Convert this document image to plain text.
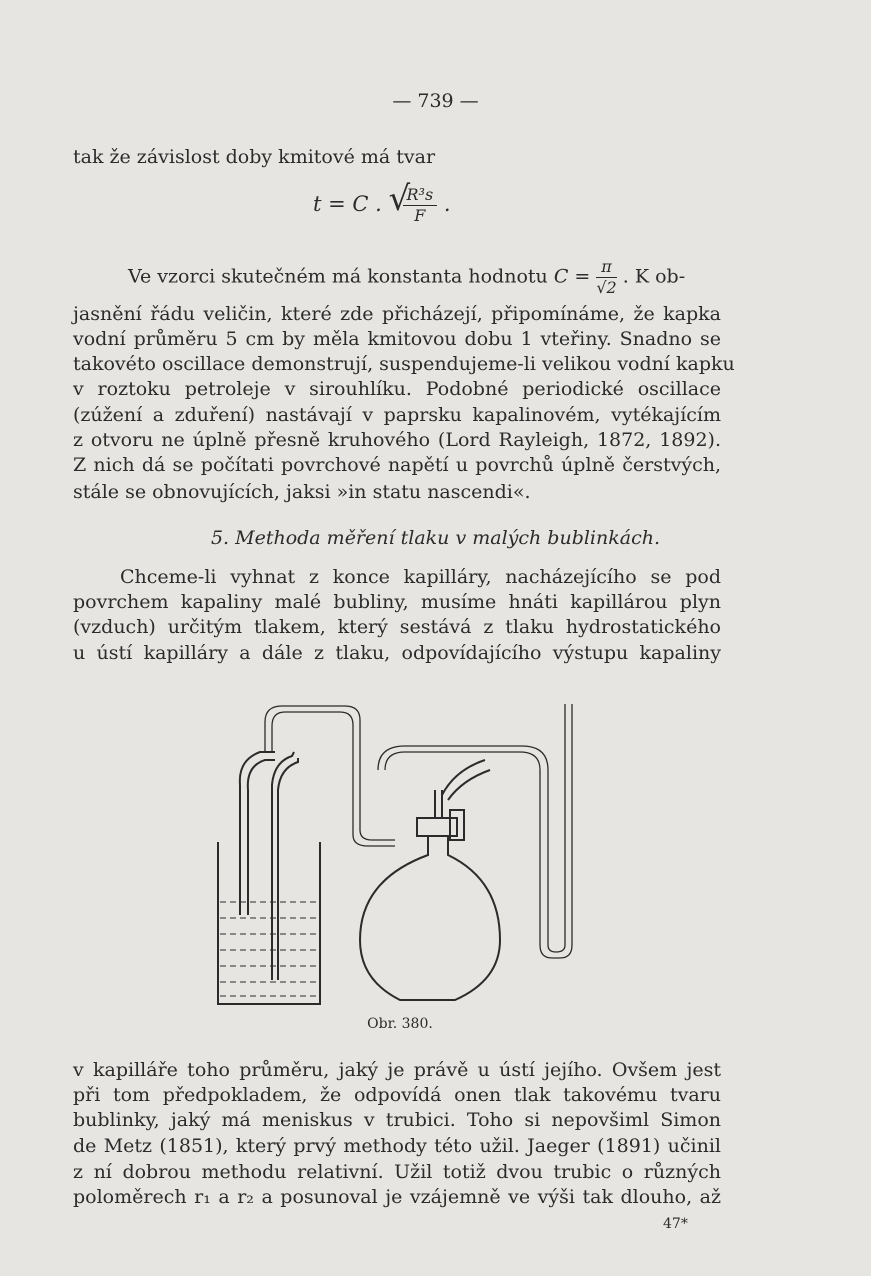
— 739 —
tak že závislost doby kmitové má tvar
t = C . √
$\frac{\text{R³s}}{F}$ .
Ve vzorci skutečném má konstanta hodnotu $C = \frac{\pi}{√2}$ . K ob-
jasnění řádu veličin, které zde přicházejí, připomínáme, že kapka
vodní průměru 5 cm by měla kmitovou dobu 1 vteřiny. Snadno se
takovéto oscillace demonstrují, suspendujeme-li velikou vodní kapku
v roztoku petroleje v sirouhlíku. Podobné periodické oscillace
(zúžení a zduření) nastávají v paprsku kapalinovém, vytékajícím
z otvoru ne úplně přesně kruhového (Lord Rayleigh, 1872, 1892).
Z nich dá se počítati povrchové napětí u povrchů úplně čerstvých,
stále se obnovujících, jaksi »in statu nascendi«.
5. Methoda měření tlaku v malých bublinkách.
Chceme-li vyhnat z konce kapilláry, nacházejícího se pod
povrchem kapaliny malé bubliny, musíme hnáti kapillárou plyn
(vzduch) určitým tlakem, který sestává z tlaku hydrostatického
u ústí kapilláry a dále z tlaku, odpovídajícího výstupu kapaliny
Obr. 380.
v kapilláře toho průměru, jaký je právě u ústí jejího. Ovšem jest
při tom předpokladem, že odpovídá onen tlak takovému tvaru
bublinky, jaký má meniskus v trubici. Toho si nepovšiml Simon
de Metz (1851), který prvý methody této užil. Jaeger (1891) učinil
z ní dobrou methodu relativní. Užil totiž dvou trubic o různých
poloměrech r₁ a r₂ a posunoval je vzájemně ve výši tak dlouho, až
47*
